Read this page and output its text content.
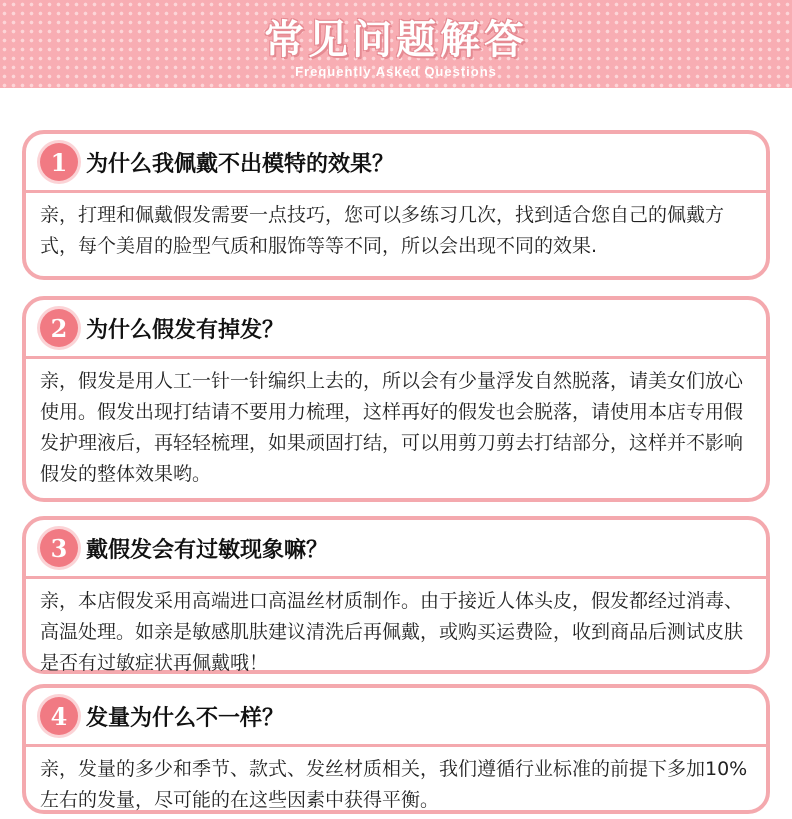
常见问题解答
Frequently Asked Questions
1 为什么我佩戴不出模特的效果？
亲，打理和佩戴假发需要一点技巧，您可以多练习几次，找到适合您自己的佩戴方式，每个美眉的脸型气质和服饰等等不同，所以会出现不同的效果.
2 为什么假发有掉发？
亲，假发是用人工一针一针编织上去的，所以会有少量浮发自然脱落，请美女们放心使用。假发出现打结请不要用力梳理，这样再好的假发也会脱落，请使用本店专用假发护理液后，再轻轻梳理，如果顽固打结，可以用剪刀剪去打结部分，这样并不影响假发的整体效果哟。
3 戴假发会有过敏现象嘛？
亲，本店假发采用高端进口高温丝材质制作。由于接近人体头皮，假发都经过消毒、高温处理。如亲是敏感肌肤建议清洗后再佩戴，或购买运费险，收到商品后测试皮肤是否有过敏症状再佩戴哦！
4 发量为什么不一样？
亲，发量的多少和季节、款式、发丝材质相关，我们遵循行业标准的前提下多加10%左右的发量，尽可能的在这些因素中获得平衡。
